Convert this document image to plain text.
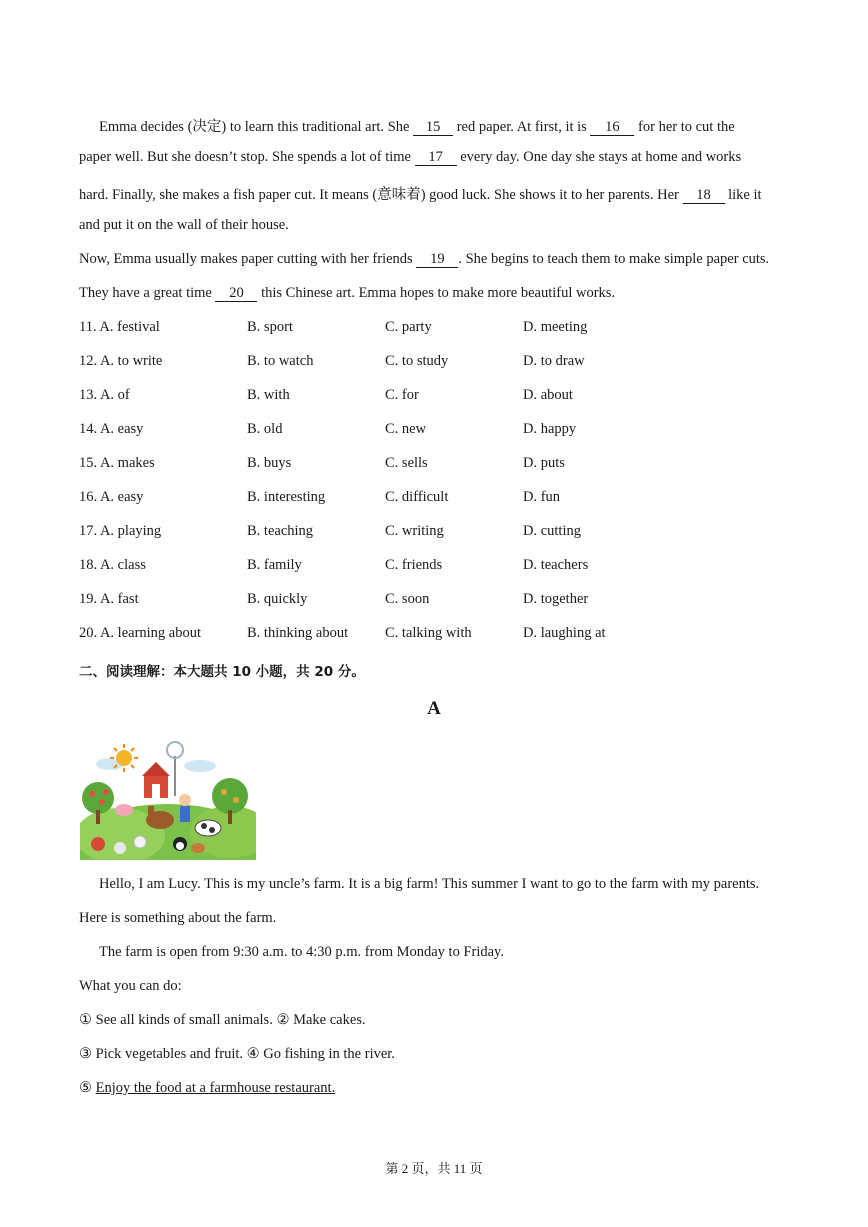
Emma decides (决定) to learn this traditional art. She 15 red paper. At first, it is 16 for her to cut the
paper well. But she doesn’t stop. She spends a lot of time 17 every day. One day she stays at home and works
hard. Finally, she makes a fish paper cut. It means (意味着) good luck. She shows it to her parents. Her 18 like it
and put it on the wall of their house.
Now, Emma usually makes paper cutting with her friends 19 . She begins to teach them to make simple paper cuts.
They have a great time 20 this Chinese art. Emma hopes to make more beautiful works.
11. A. festival	B. sport	C. party	D. meeting
12. A. to write	B. to watch	C. to study	D. to draw
13. A. of	B. with	C. for	D. about
14. A. easy	B. old	C. new	D. happy
15. A. makes	B. buys	C. sells	D. puts
16. A. easy	B. interesting	C. difficult	D. fun
17. A. playing	B. teaching	C. writing	D. cutting
18. A. class	B. family	C. friends	D. teachers
19. A. fast	B. quickly	C. soon	D. together
20. A. learning about	B. thinking about	C. talking with	D. laughing at
二、阅读理解：本大题共 10 小题，共 20 分。
A
Hello, I am Lucy. This is my uncle’s farm. It is a big farm! This summer I want to go to the farm with my parents.
Here is something about the farm.
The farm is open from 9:30 a.m. to 4:30 p.m. from Monday to Friday.
What you can do:
① See all kinds of small animals. ② Make cakes.
③ Pick vegetables and fruit. ④ Go fishing in the river.
⑤ Enjoy the food at a farmhouse restaurant.
第 2 页，共 11 页
